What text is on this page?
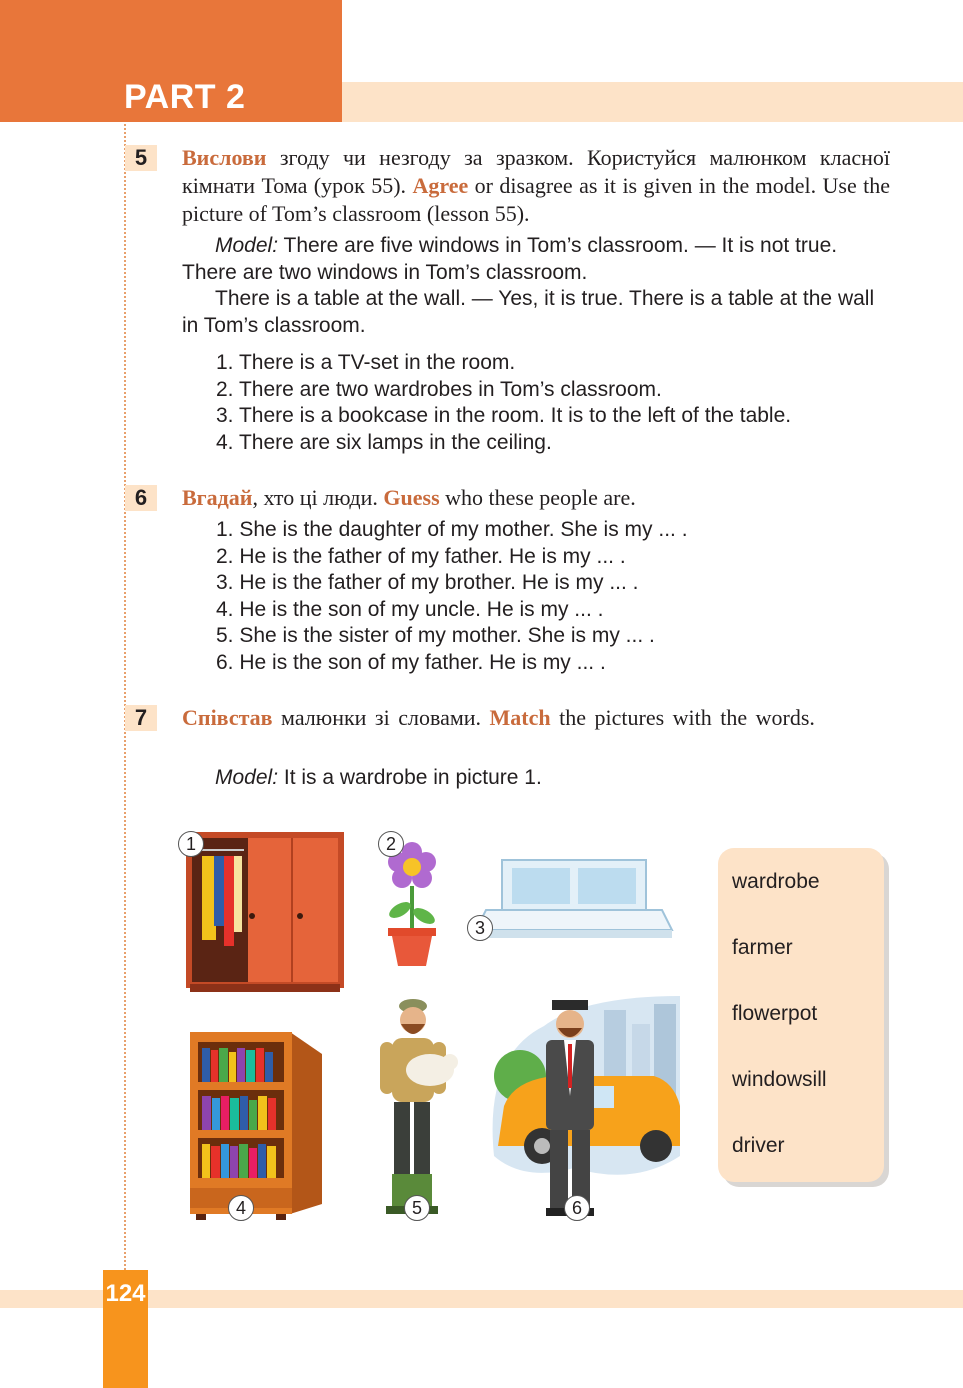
PART 2
5	Вислови згоду чи незгоду за зразком. Користуйся малюнком класної кімнати Тома (урок 55). Agree or disagree as it is given in the model. Use the picture of Tom’s classroom (lesson 55).
Model: There are five windows in Tom’s classroom. — It is not true. There are two windows in Tom’s classroom.
There is a table at the wall. — Yes, it is true. There is a table at the wall in Tom’s classroom.
1. There is a TV-set in the room.
2. There are two wardrobes in Tom’s classroom.
3. There is a bookcase in the room. It is to the left of the table.
4. There are six lamps in the ceiling.
6	Вгадай, хто ці люди. Guess who these people are.
1. She is the daughter of my mother. She is my ... .
2. He is the father of my father. He is my ... .
3. He is the father of my brother. He is my ... .
4. He is the son of my uncle. He is my ... .
5. She is the sister of my mother. She is my ... .
6. He is the son of my father. He is my ... .
7	Співстав малюнки зі словами. Match the pictures with the words.
Model: It is a wardrobe in picture 1.
1	2
3
4	5	6
wardrobe
farmer
flowerpot
windowsill
driver
124
